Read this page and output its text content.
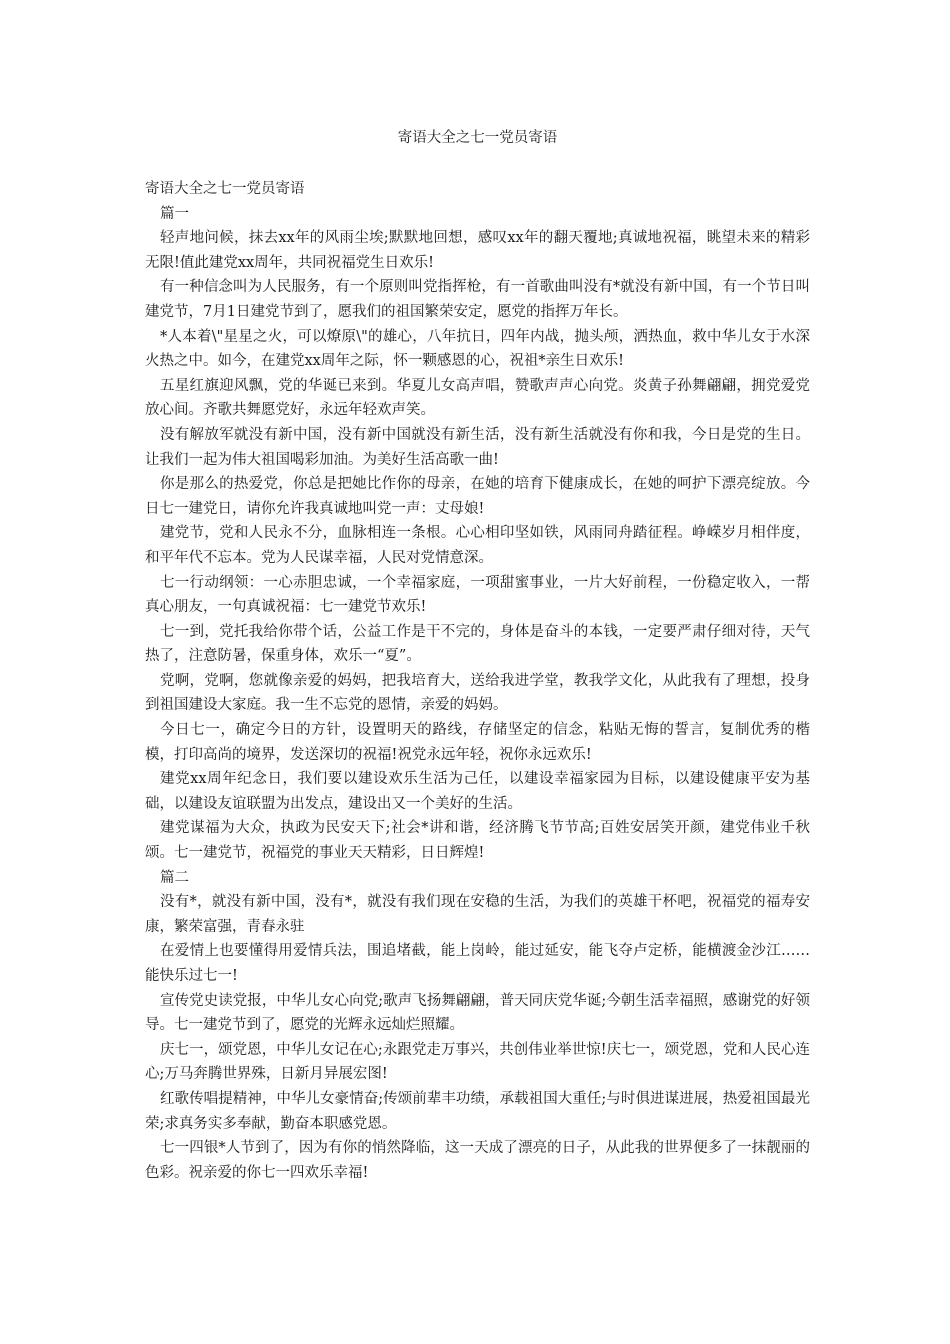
寄语大全之七一党员寄语

寄语大全之七一党员寄语

篇一

轻声地问候，抹去xx年的风雨尘埃;默默地回想，感叹xx年的翻天覆地;真诚地祝福，眺望未来的精彩无限!值此建党xx周年，共同祝福党生日欢乐!

有一种信念叫为人民服务，有一个原则叫党指挥枪，有一首歌曲叫没有*就没有新中国，有一个节日叫建党节，7月1日建党节到了，愿我们的祖国繁荣安定，愿党的指挥万年长。

*人本着\"星星之火，可以燎原\"的雄心，八年抗日，四年内战，抛头颅，洒热血，救中华儿女于水深火热之中。如今，在建党xx周年之际，怀一颗感恩的心，祝祖*亲生日欢乐!

五星红旗迎风飘，党的华诞已来到。华夏儿女高声唱，赞歌声声心向党。炎黄子孙舞翩翩，拥党爱党放心间。齐歌共舞愿党好，永远年轻欢声笑。

没有解放军就没有新中国，没有新中国就没有新生活，没有新生活就没有你和我，今日是党的生日。让我们一起为伟大祖国喝彩加油。为美好生活高歌一曲!

你是那么的热爱党，你总是把她比作你的母亲，在她的培育下健康成长，在她的呵护下漂亮绽放。今日七一建党日，请你允许我真诚地叫党一声：丈母娘!

建党节，党和人民永不分，血脉相连一条根。心心相印坚如铁，风雨同舟踏征程。峥嵘岁月相伴度，和平年代不忘本。党为人民谋幸福，人民对党情意深。

七一行动纲领：一心赤胆忠诚，一个幸福家庭，一项甜蜜事业，一片大好前程，一份稳定收入，一帮真心朋友，一句真诚祝福：七一建党节欢乐!

七一到，党托我给你带个话，公益工作是干不完的，身体是奋斗的本钱，一定要严肃仔细对待，天气热了，注意防暑，保重身体，欢乐一“夏”。

党啊，党啊，您就像亲爱的妈妈，把我培育大，送给我进学堂，教我学文化，从此我有了理想，投身到祖国建设大家庭。我一生不忘党的恩情，亲爱的妈妈。

今日七一，确定今日的方针，设置明天的路线，存储坚定的信念，粘贴无悔的誓言，复制优秀的楷模，打印高尚的境界，发送深切的祝福!祝党永远年轻，祝你永远欢乐!

建党xx周年纪念日，我们要以建设欢乐生活为己任，以建设幸福家园为目标，以建设健康平安为基础，以建设友谊联盟为出发点，建设出又一个美好的生活。

建党谋福为大众，执政为民安天下;社会*讲和谐，经济腾飞节节高;百姓安居笑开颜，建党伟业千秋颂。七一建党节，祝福党的事业天天精彩，日日辉煌!

篇二

没有*，就没有新中国，没有*，就没有我们现在安稳的生活，为我们的英雄干杯吧，祝福党的福寿安康，繁荣富强，青春永驻

在爱情上也要懂得用爱情兵法，围追堵截，能上岗岭，能过延安，能飞夺卢定桥，能横渡金沙江……能快乐过七一!

宣传党史读党报，中华儿女心向党;歌声飞扬舞翩翩，普天同庆党华诞;今朝生活幸福照，感谢党的好领导。七一建党节到了，愿党的光辉永远灿烂照耀。

庆七一，颂党恩，中华儿女记在心;永跟党走万事兴，共创伟业举世惊!庆七一，颂党恩，党和人民心连心;万马奔腾世界殊，日新月异展宏图!

红歌传唱提精神，中华儿女豪情奋;传颂前辈丰功绩，承载祖国大重任;与时俱进谋进展，热爱祖国最光荣;求真务实多奉献，勤奋本职感党恩。

七一四银*人节到了，因为有你的悄然降临，这一天成了漂亮的日子，从此我的世界便多了一抹靓丽的色彩。祝亲爱的你七一四欢乐幸福!
